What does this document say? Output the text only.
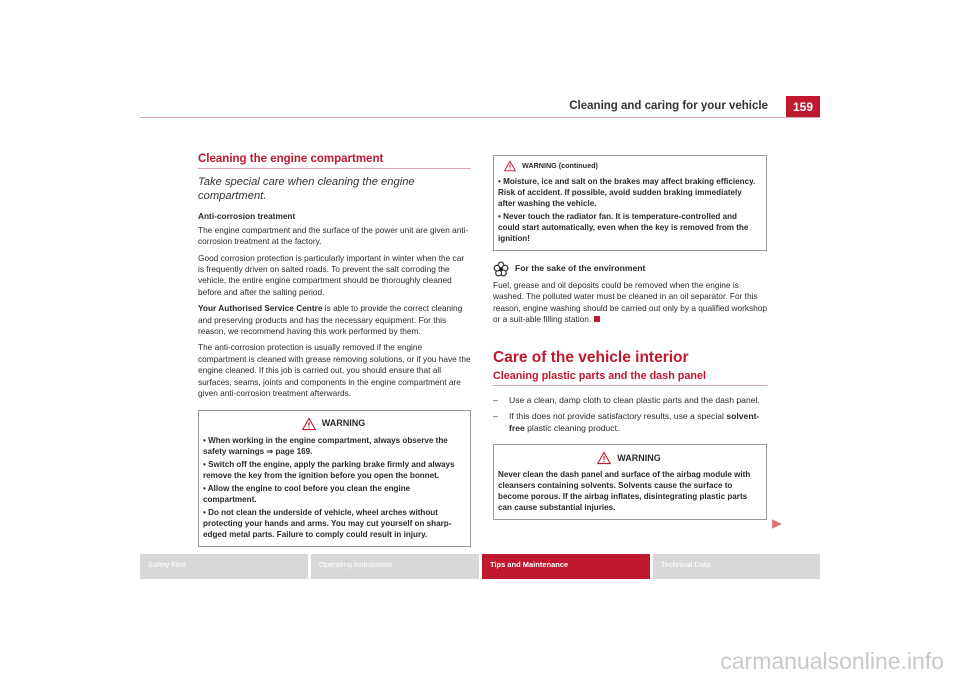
Cleaning and caring for your vehicle	159
Cleaning the engine compartment
Take special care when cleaning the engine compartment.
Anti-corrosion treatment

The engine compartment and the surface of the power unit are given anti-corrosion treatment at the factory.

Good corrosion protection is particularly important in winter when the car is frequently driven on salted roads. To prevent the salt corroding the vehicle, the entire engine compartment should be thoroughly cleaned before and after the salting period.

Your Authorised Service Centre is able to provide the correct cleaning and preserving products and has the necessary equipment. For this reason, we recommend having this work performed by them.

The anti-corrosion protection is usually removed if the engine compartment is cleaned with grease removing solutions, or if you have the engine cleaned. If this job is carried out, you should ensure that all surfaces, seams, joints and components in the engine compartment are given anti-corrosion treatment afterwards.

WARNING
• When working in the engine compartment, always observe the safety warnings ⇒ page 169.
• Switch off the engine, apply the parking brake firmly and always remove the key from the ignition before you open the bonnet.
• Allow the engine to cool before you clean the engine compartment.
• Do not clean the underside of vehicle, wheel arches without protecting your hands and arms. You may cut yourself on sharp-edged metal parts. Failure to comply could result in injury.
WARNING (continued)
• Moisture, ice and salt on the brakes may affect braking efficiency. Risk of accident. If possible, avoid sudden braking immediately after washing the vehicle.
• Never touch the radiator fan. It is temperature-controlled and could start automatically, even when the key is removed from the ignition!
For the sake of the environment

Fuel, grease and oil deposits could be removed when the engine is washed. The polluted water must be cleaned in an oil separator. For this reason, engine washing should be carried out only by a qualified workshop or a suit-able filling station.

Care of the vehicle interior
Cleaning plastic parts and the dash panel
–	Use a clean, damp cloth to clean plastic parts and the dash panel.
–	If this does not provide satisfactory results, use a special solvent-free plastic cleaning product.
WARNING
Never clean the dash panel and surface of the airbag module with cleansers containing solvents. Solvents cause the surface to become porous. If the airbag inflates, disintegrating plastic parts can cause substantial injuries.
Safety First	Operating instructions	Tips and Maintenance	Technical Data
carmanualsonline.info
